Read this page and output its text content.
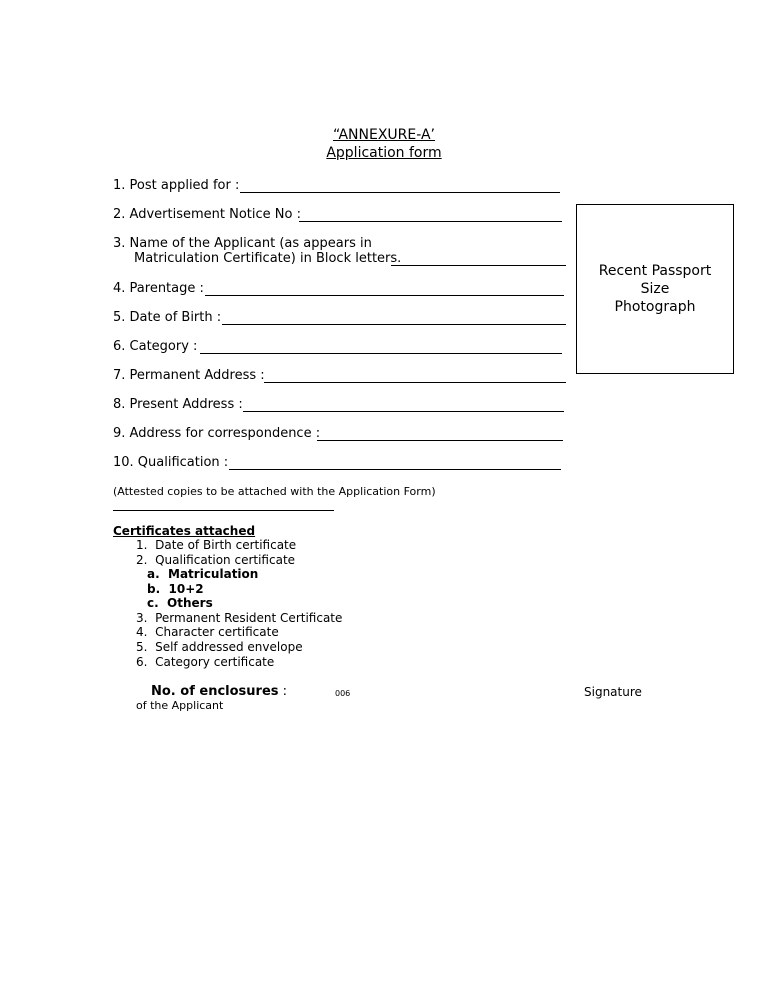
“ANNEXURE-A’
Application form
1. Post applied for :
2. Advertisement Notice No :
3. Name of the Applicant (as appears in
Matriculation Certificate) in Block letters.
4. Parentage :
5. Date of Birth :
6. Category :
7. Permanent Address :
8. Present Address :
9. Address for correspondence :
10. Qualification :
Recent Passport
Size
Photograph
(Attested copies to be attached with the Application Form)
Certificates attached
1. Date of Birth certificate
2. Qualification certificate
a. Matriculation
b. 10+2
c. Others
3. Permanent Resident Certificate
4. Character certificate
5. Self addressed envelope
6. Category certificate
No. of enclosures :	006	Signature
of the Applicant
